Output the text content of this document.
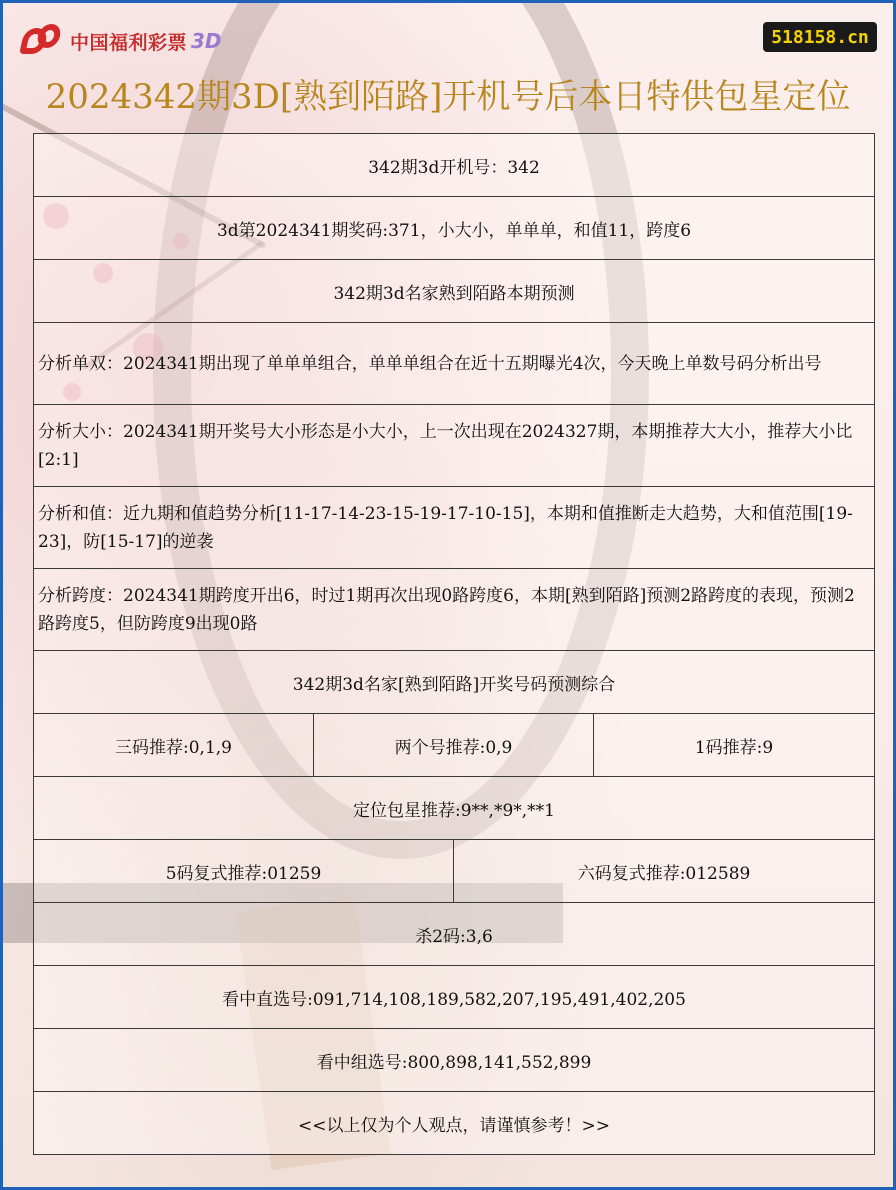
中国福利彩票 3D	518158.cn
2024342期3D[熟到陌路]开机号后本日特供包星定位
342期3d开机号：342			
3d第2024341期奖码:371，小大小，单单单，和值11，跨度6			
342期3d名家熟到陌路本期预测			
分析单双：2024341期出现了单单单组合，单单单组合在近十五期曝光4次，今天晚上单数号码分析出号			
分析大小：2024341期开奖号大小形态是小大小，上一次出现在2024327期，本期推荐大大小，推荐大小比[2:1]			
分析和值：近九期和值趋势分析[11-17-14-23-15-19-17-10-15]，本期和值推断走大趋势，大和值范围[19-23]，防[15-17]的逆袭			
分析跨度：2024341期跨度开出6，时过1期再次出现0路跨度6，本期[熟到陌路]预测2路跨度的表现，预测2路跨度5，但防跨度9出现0路			
342期3d名家[熟到陌路]开奖号码预测综合			
三码推荐:0,1,9	两个号推荐:0,9		1码推荐:9
定位包星推荐:9**,*9*,**1			
5码复式推荐:01259		六码复式推荐:012589	
杀2码:3,6			
看中直选号:091,714,108,189,582,207,195,491,402,205			
看中组选号:800,898,141,552,899			
<<以上仅为个人观点，请谨慎参考！>>			
